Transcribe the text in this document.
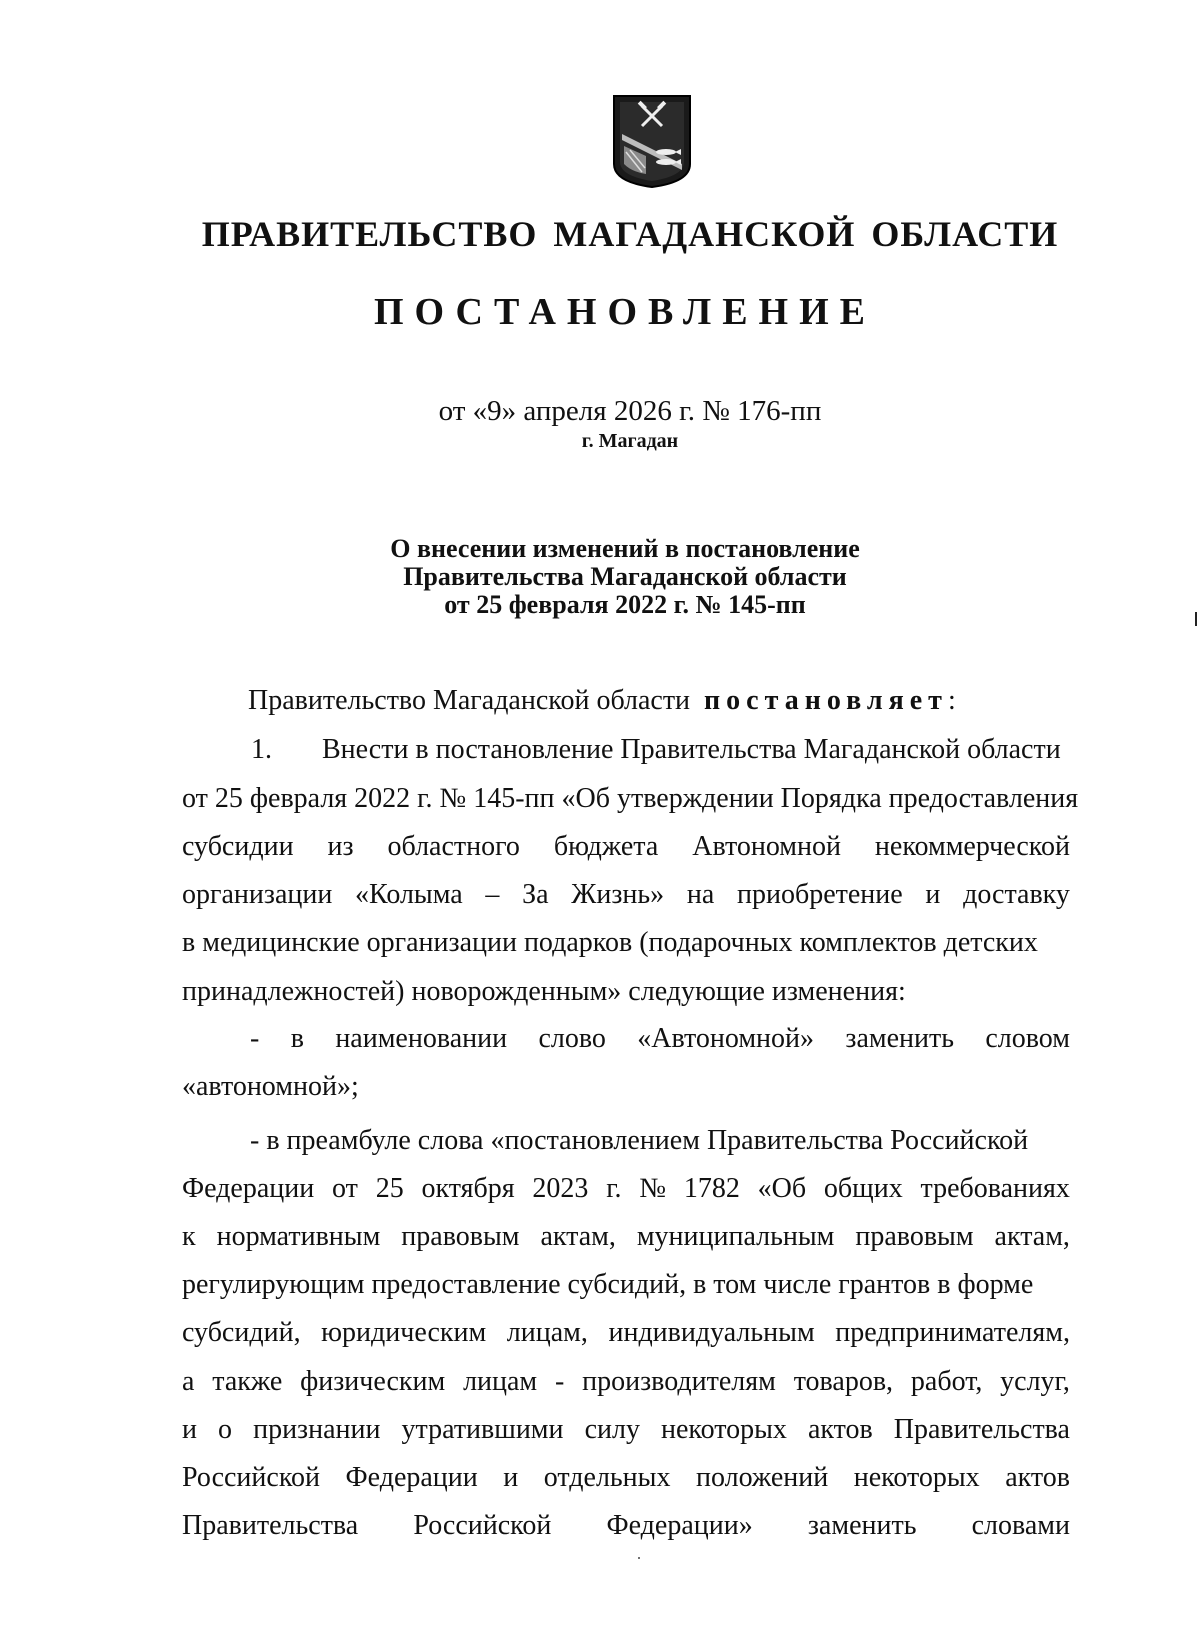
ПРАВИТЕЛЬСТВО МАГАДАНСКОЙ ОБЛАСТИ
ПОСТАНОВЛЕНИЕ
от «9» апреля 2026 г. № 176-пп
г. Магадан
О внесении изменений в постановление
Правительства Магаданской области
от 25 февраля 2022 г. № 145-пп
Правительство Магаданской области постановляет:
1. Внести в постановление Правительства Магаданской области
от 25 февраля 2022 г. № 145-пп «Об утверждении Порядка предоставления
субсидии из областного бюджета Автономной некоммерческой
организации «Колыма – За Жизнь» на приобретение и доставку
в медицинские организации подарков (подарочных комплектов детских
принадлежностей) новорожденным» следующие изменения:
- в наименовании слово «Автономной» заменить словом
«автономной»;
- в преамбуле слова «постановлением Правительства Российской
Федерации от 25 октября 2023 г. № 1782 «Об общих требованиях
к нормативным правовым актам, муниципальным правовым актам,
регулирующим предоставление субсидий, в том числе грантов в форме
субсидий, юридическим лицам, индивидуальным предпринимателям,
а также физическим лицам - производителям товаров, работ, услуг,
и о признании утратившими силу некоторых актов Правительства
Российской Федерации и отдельных положений некоторых актов
Правительства Российской Федерации» заменить словами
